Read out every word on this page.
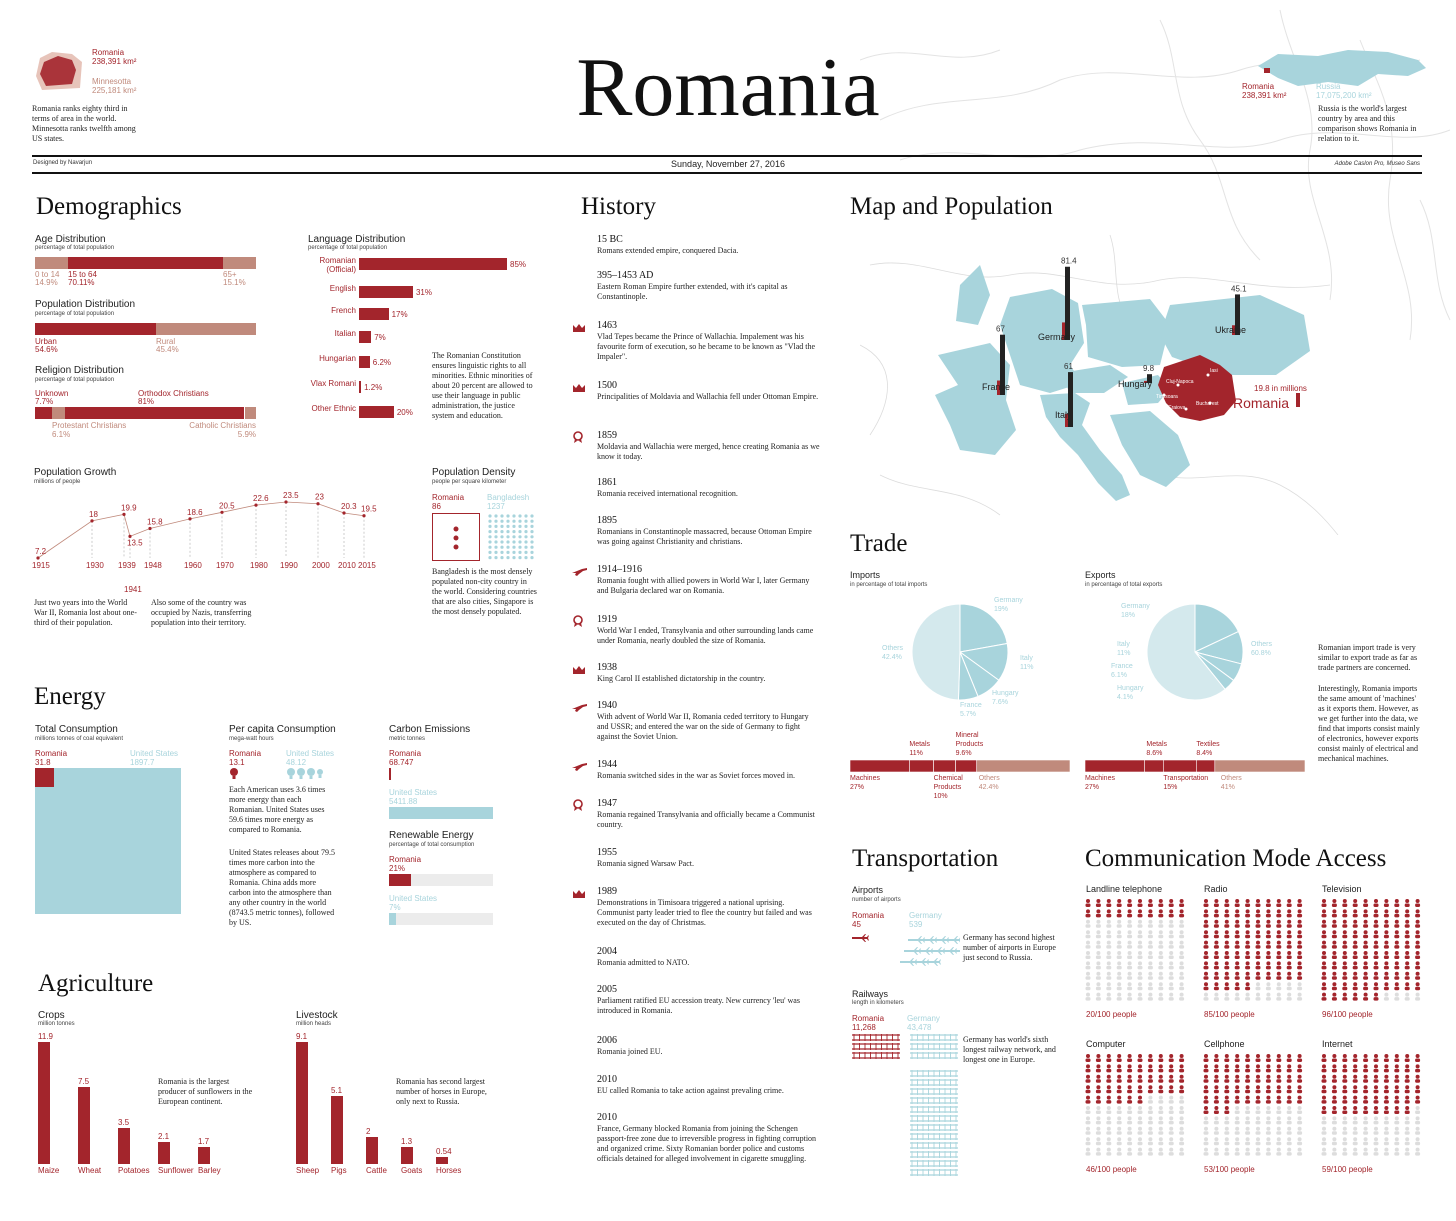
Romania
238,391 km²
Minnesotta
225,181 km²
Romania ranks eighty third in terms of area in the world. Minnesotta ranks twelfth among US states.
Romania	Romania
238,391 km²
Russia
17,075,200 km²
Russia is the world's largest country by area and this comparison shows Romania in relation to it.
Designed by Navarjun	Sunday, November 27, 2016	Adobe Caslon Pro, Museo Sans
Demographics
Age Distribution
percentage of total population
0 to 14
14.9%
15 to 64
70.11%
65+
15.1%
Population Distribution
percentage of total population
Urban
54.6%
Rural
45.4%
Religion Distribution
percentage of total population
Unknown
7.7%
Orthodox Christians
81%
Protestant Christians
6.1%
Catholic Christians
5.9%
Language Distribution
percentage of total population
Romanian (Official)
85%
English	31%
French	17%
Italian 7%
Hungarian 6.2%
Vlax Romani 1.2%
Other Ethnic	20%
The Romanian Constitution ensures linguistic rights to all minorities. Ethnic minorities of about 20 percent are allowed to use their language in public administration, the justice system and education.
Population Growth
millions of people
7.2
1915
18
1930
19.9
1939
13.5
1941
15.8
1948
18.6
1960
20.5
1970
22.6
1980
23.5
1990
23
2000
20.3
2010
19.5
2015
Just two years into the World War II, Romania lost about one-third of their population.
Also some of the country was occupied by Nazis, transferring population into their territory.
Population Density
people per square kilometer
Romania
86
Bangladesh
1237
Bangladesh is the most densely populated non-city country in the world. Considering countries that are also cities, Singapore is the most densely populated.
Energy
Total Consumption
millions tonnes of coal equivalent
Romania
31.8
United States
1897.7
Per capita Consumption
mega-watt hours
Romania
13.1
United States
48.12
Each American uses 3.6 times more energy than each Romanian. United States uses 59.6 times more energy as compared to Romania.
United States releases about 79.5 times more carbon into the atmosphere as compared to Romania. China adds more carbon into the atmosphere than any other country in the world (8743.5 metric tonnes), followed by US.
Carbon Emissions
metric tonnes
Romania
68.747
United States
5411.88
Renewable Energy
percentage of total consumption
Romania
21%
United States
7%
Agriculture
Crops
million tonnes
11.9
Maize
7.5
Wheat
3.5
Potatoes
2.1
Sunflower
1.7
Barley
Romania is the largest producer of sunflowers in the European continent.
Livestock
million heads
9.1
Sheep
5.1
Pigs
2
Cattle
1.3
Goats
0.54
Horses
Romania has second largest number of horses in Europe, only next to Russia.
History
15 BC
Romans extended empire, conquered Dacia.
395–1453 AD
Eastern Roman Empire further extended, with it's capital as Constantinople.
1463
Vlad Tepes became the Prince of Wallachia. Impalement was his favourite form of execution, so he became to be known as "Vlad the Impaler".
1500
Principalities of Moldavia and Wallachia fell under Ottoman Empire.
1859
Moldavia and Wallachia were merged, hence creating Romania as we know it today.
1861
Romania received international recognition.
1895
Romanians in Constantinople massacred, because Ottoman Empire was going against Christianity and christians.
1914–1916
Romania fought with allied powers in World War I, later Germany and Bulgaria declared war on Romania.
1919
World War I ended, Transylvania and other surrounding lands came under Romania, nearly doubled the size of Romania.
1938
King Carol II established dictatorship in the country.
1940
With advent of World War II, Romania ceded territory to Hungary and USSR; and entered the war on the side of Germany to fight against the Soviet Union.
1944
Romania switched sides in the war as Soviet forces moved in.
1947
Romania regained Transylvania and officially became a Communist country.
1955
Romania signed Warsaw Pact.
1989
Demonstrations in Timisoara triggered a national uprising. Communist party leader tried to flee the country but failed and was executed on the day of Christmas.
2004
Romania admitted to NATO.
2005
Parliament ratified EU accession treaty. New currency 'leu' was introduced in Romania.
2006
Romania joined EU.
2010
EU called Romania to take action against prevaling crime.
2010
France, Germany blocked Romania from joining the Schengen passport-free zone due to irreversible progress in fighting corruption and organized crime. Sixty Romanian border police and customs officials detained for alleged involvement in cigarette smuggling.
Map and Population
67
France
81.4
Germany
61
Italy
9.8
Hungary
45.1
Ukraine
Romania
19.8 in millions
Iasi
Cluj-Napoca
Timisoara
Craiova
Bucharest
Trade
Imports
in percentage of total imports
Exports
in percentage of total exports
Germany
19%
Italy
11%
Hungary
7.6%
France
5.7%
Others
42.4%
Germany
18%
Italy
11%
France
6.1%
Hungary
4.1%
Others
60.8%
Machines
27%
Metals
11%
Chemical
Products
10%
Mineral
Products
9.6%
Others
42.4%
Machines
27%
Metals
8.6%
Transportation
15%
Textiles
8.4%
Others
41%
Romanian import trade is very similar to export trade as far as trade partners are concerned.
Interestingly, Romania imports the same amount of 'machines' as it exports them. However, as we get further into the data, we find that imports consist mainly of electronics, however exports consist mainly of electrical and mechanical machines.
Transportation
Airports
number of airports
Romania
45
Germany
539
Germany has second highest number of airports in Europe just second to Russia.
Railways
length in kilometers
Romania
11,268
Germany
43,478
Germany has world's sixth longest railway network, and longest one in Europe.
Communication Mode Access
Landline telephone
20/100 people
Radio
85/100 people
Television
96/100 people
Computer
46/100 people
Cellphone
53/100 people
Internet
59/100 people
